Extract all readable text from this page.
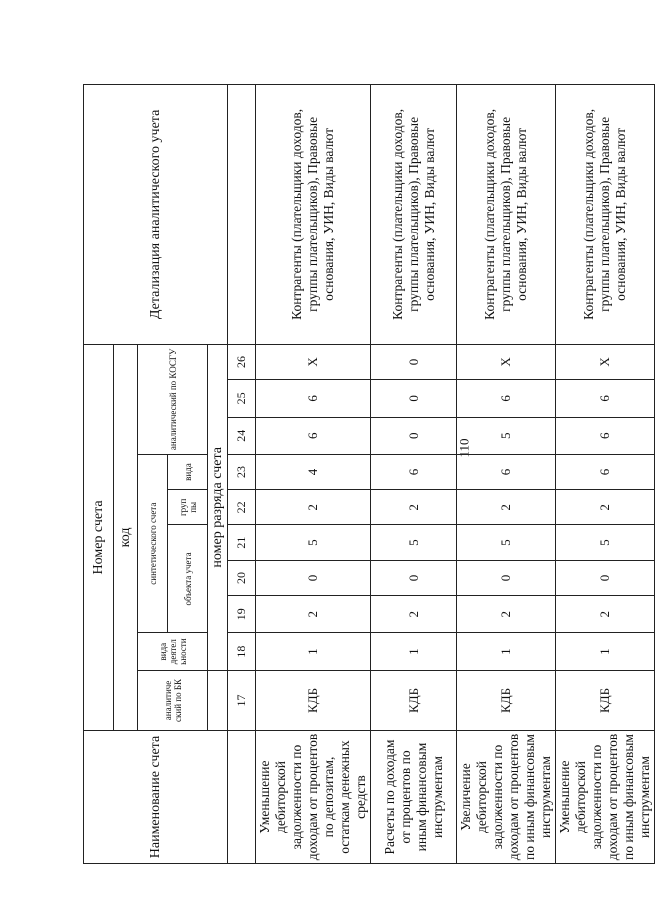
110
Наименование счета	Номер счета										Детализация аналитического учета
	код										
	аналитиче ский по БК	вида деятел ьности	синтетического счета					аналитический по КОСГУ			
			объекта учета			груп пы	вида				
		номер разряда счета									
	17	18	19	20	21	22	23	24	25	26	
Уменьшение дебиторской задолженности по доходам от процентов по депозитам, остаткам денежных средств	КДБ	1	2	0	5	2	4	6	6	X	Контрагенты (плательщики доходов, группы плательщиков), Правовые основания, УИН, Виды валют
Расчеты по доходам от процентов по иным финансовым инструментам	КДБ	1	2	0	5	2	6	0	0	0	Контрагенты (плательщики доходов, группы плательщиков), Правовые основания, УИН, Виды валют
Увеличение дебиторской задолженности по доходам от процентов по иным финансовым инструментам	КДБ	1	2	0	5	2	6	5	6	X	Контрагенты (плательщики доходов, группы плательщиков), Правовые основания, УИН, Виды валют
Уменьшение дебиторской задолженности по доходам от процентов по иным финансовым инструментам	КДБ	1	2	0	5	2	6	6	6	X	Контрагенты (плательщики доходов, группы плательщиков), Правовые основания, УИН, Виды валют
